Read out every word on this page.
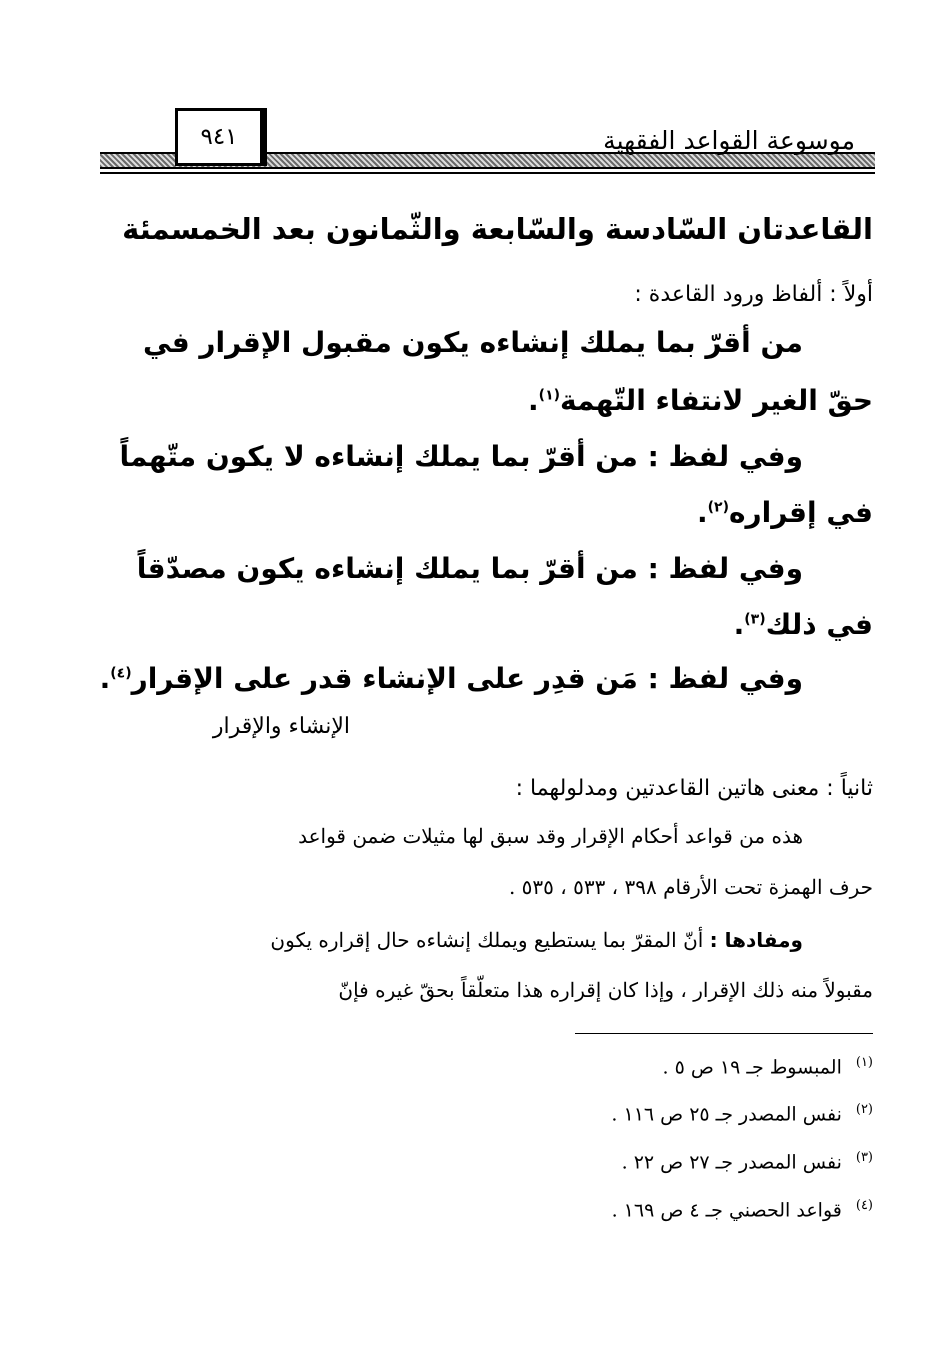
٩٤١	موسوعة القواعد الفقهية
القاعدتان السّادسة والسّابعة والثّمانون بعد الخمسمئة
أولاً : ألفاظ ورود القاعدة :
من أقرّ بما يملك إنشاءه يكون مقبول الإقرار في
حقّ الغير لانتفاء التّهمة$^{(١)}$.
وفي لفظ : من أقرّ بما يملك إنشاءه لا يكون متّهماً
في إقراره$^{(٢)}$.
وفي لفظ : من أقرّ بما يملك إنشاءه يكون مصدّقاً
في ذلك$^{(٣)}$.
وفي لفظ : مَن قدِر على الإنشاء قدر على الإقرار$^{(٤)}$.
الإنشاء والإقرار
ثانياً : معنى هاتين القاعدتين ومدلولهما :
هذه من قواعد أحكام الإقرار وقد سبق لها مثيلات ضمن قواعد
حرف الهمزة تحت الأرقام ٣٩٨ ، ٥٣٣ ، ٥٣٥ .
ومفادها : أنّ المقرّ بما يستطيع ويملك إنشاءه حال إقراره يكون
مقبولاً منه ذلك الإقرار ، وإذا كان إقراره هذا متعلّقاً بحقّ غيره فإنّ
$^{(١)}$المبسوط جـ ١٩ ص ٥ .
$^{(٢)}$نفس المصدر جـ ٢٥ ص ١١٦ .
$^{(٣)}$نفس المصدر جـ ٢٧ ص ٢٢ .
$^{(٤)}$قواعد الحصني جـ ٤ ص ١٦٩ .
